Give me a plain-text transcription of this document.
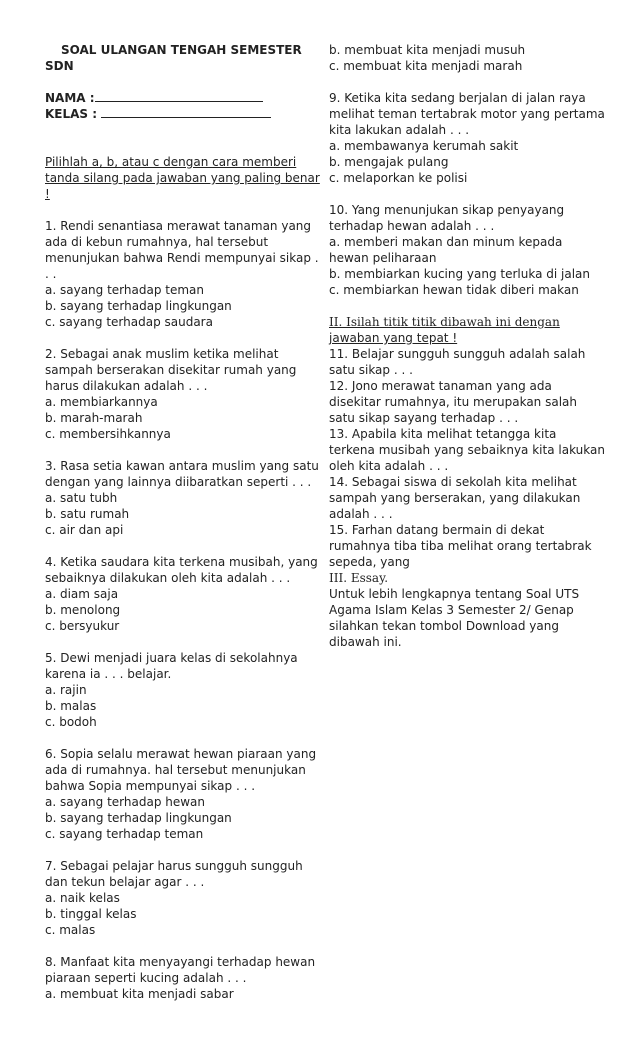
SOAL ULANGAN TENGAH SEMESTER
SDN
NAMA :
KELAS :
Pilihlah a, b, atau c dengan cara memberi
tanda silang pada jawaban yang paling benar
!
1. Rendi senantiasa merawat tanaman yang
ada di kebun rumahnya, hal tersebut
menunjukan bahwa Rendi mempunyai sikap .
. .
a. sayang terhadap teman
b. sayang terhadap lingkungan
c. sayang terhadap saudara
2. Sebagai anak muslim ketika melihat
sampah berserakan disekitar rumah yang
harus dilakukan adalah . . .
a. membiarkannya
b. marah-marah
c. membersihkannya
3. Rasa setia kawan antara muslim yang satu
dengan yang lainnya diibaratkan seperti . . .
a. satu tubh
b. satu rumah
c. air dan api
4. Ketika saudara kita terkena musibah, yang
sebaiknya dilakukan oleh kita adalah . . .
a. diam saja
b. menolong
c. bersyukur
5. Dewi menjadi juara kelas di sekolahnya
karena ia . . . belajar.
a. rajin
b. malas
c. bodoh
6. Sopia selalu merawat hewan piaraan yang
ada di rumahnya. hal tersebut menunjukan
bahwa Sopia mempunyai sikap . . .
a. sayang terhadap hewan
b. sayang terhadap lingkungan
c. sayang terhadap teman
7. Sebagai pelajar harus sungguh sungguh
dan tekun belajar agar . . .
a. naik kelas
b. tinggal kelas
c. malas
8. Manfaat kita menyayangi terhadap hewan
piaraan seperti kucing adalah . . .
a. membuat kita menjadi sabar
b. membuat kita menjadi musuh
c. membuat kita menjadi marah
9. Ketika kita sedang berjalan di jalan raya
melihat teman tertabrak motor yang pertama
kita lakukan adalah . . .
a. membawanya kerumah sakit
b. mengajak pulang
c. melaporkan ke polisi
10. Yang menunjukan sikap penyayang
terhadap hewan adalah . . .
a. memberi makan dan minum kepada
hewan peliharaan
b. membiarkan kucing yang terluka di jalan
c. membiarkan hewan tidak diberi makan
II. Isilah titik titik dibawah ini dengan
jawaban yang tepat !
11. Belajar sungguh sungguh adalah salah
satu sikap . . .
12. Jono merawat tanaman yang ada
disekitar rumahnya, itu merupakan salah
satu sikap sayang terhadap . . .
13. Apabila kita melihat tetangga kita
terkena musibah yang sebaiknya kita lakukan
oleh kita adalah . . .
14. Sebagai siswa di sekolah kita melihat
sampah yang berserakan, yang dilakukan
adalah . . .
15. Farhan datang bermain di dekat
rumahnya tiba tiba melihat orang tertabrak
sepeda, yang
III. Essay.
Untuk lebih lengkapnya tentang Soal UTS
Agama Islam Kelas 3 Semester 2/ Genap
silahkan tekan tombol Download yang
dibawah ini.
